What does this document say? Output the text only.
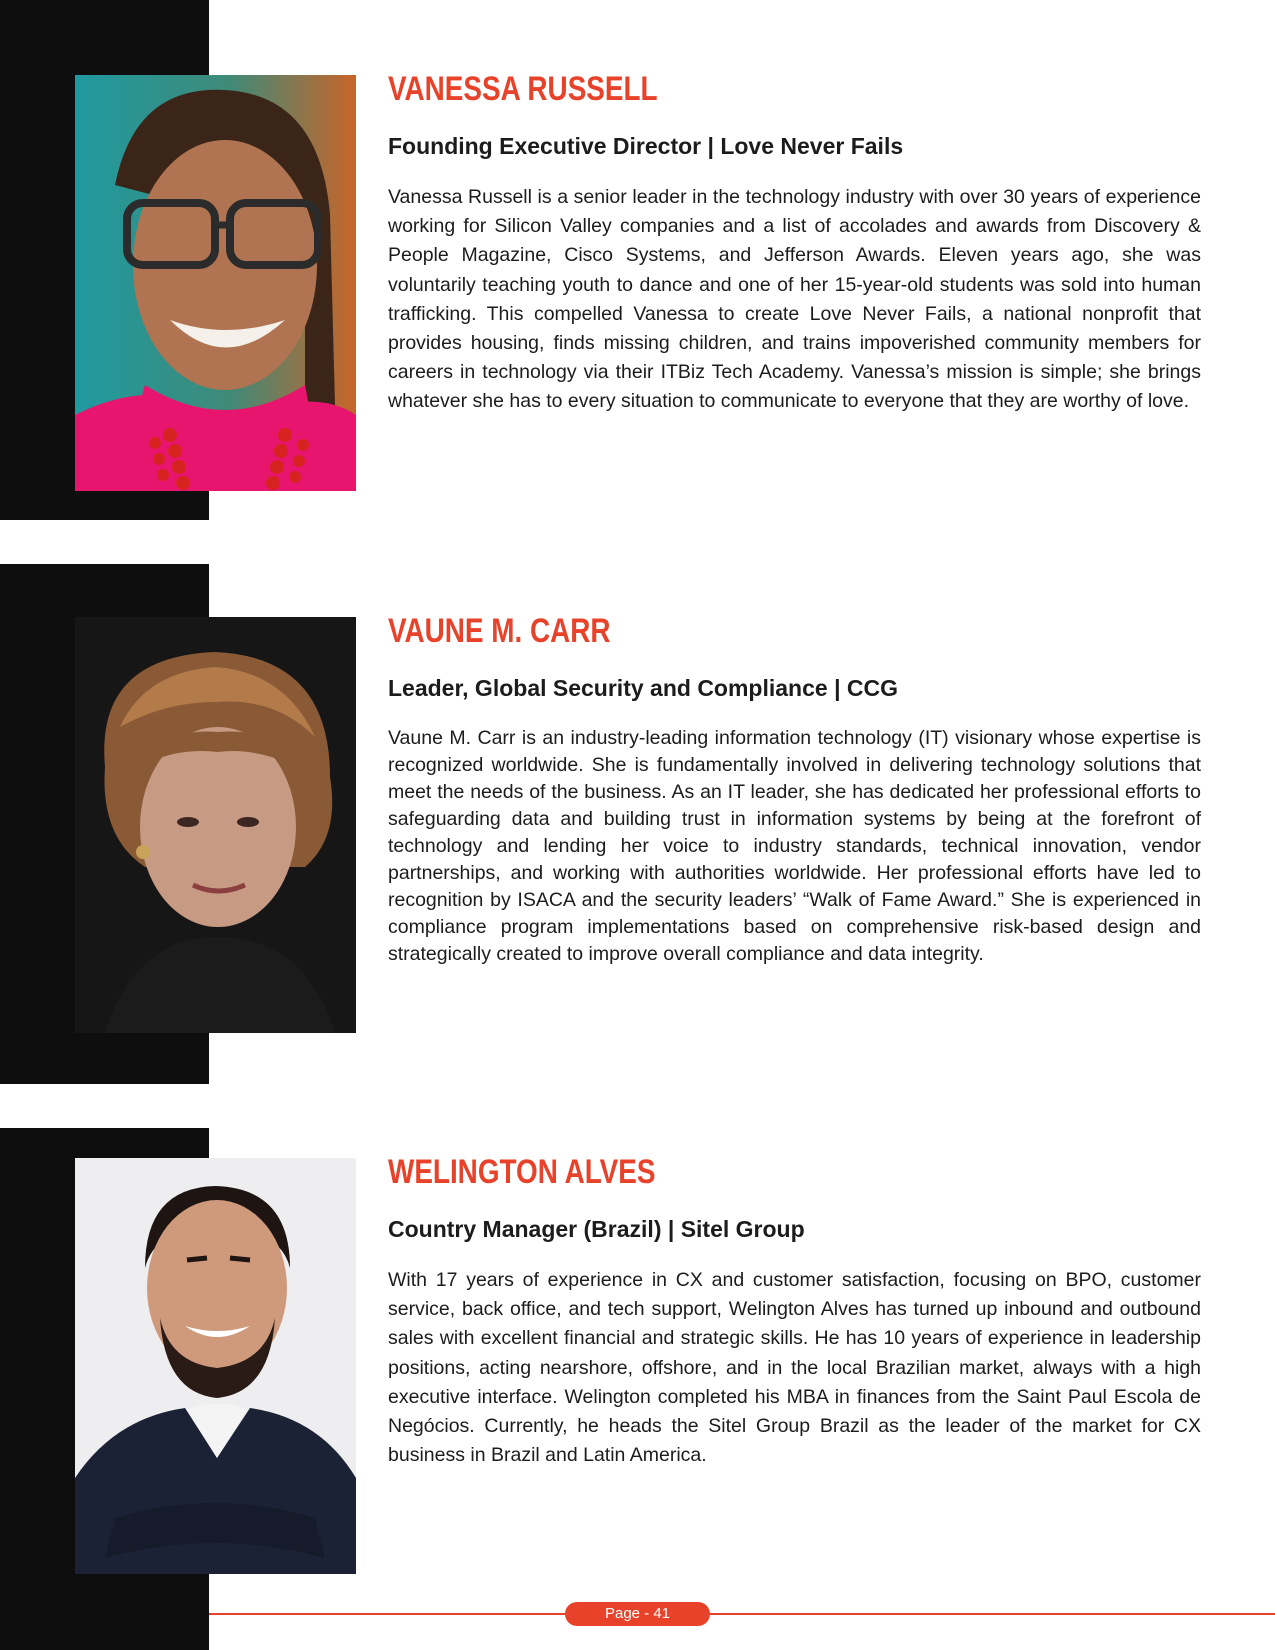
VANESSA RUSSELL
Founding Executive Director | Love Never Fails

Vanessa Russell is a senior leader in the technology industry with over 30 years of experience working for Silicon Valley companies and a list of accolades and awards from Discovery & People Magazine, Cisco Systems, and Jefferson Awards. Eleven years ago, she was voluntarily teaching youth to dance and one of her 15-year-old students was sold into human trafficking. This compelled Vanessa to create Love Never Fails, a national nonprofit that provides housing, finds missing children, and trains impoverished community members for careers in technology via their ITBiz Tech Academy. Vanessa’s mission is simple; she brings whatever she has to every situation to communicate to everyone that they are worthy of love.

VAUNE M. CARR
Leader, Global Security and Compliance | CCG

Vaune M. Carr is an industry-leading information technology (IT) visionary whose expertise is recognized worldwide. She is fundamentally involved in delivering technology solutions that meet the needs of the business. As an IT leader, she has dedicated her professional efforts to safeguarding data and building trust in information systems by being at the forefront of technology and lending her voice to industry standards, technical innovation, vendor partnerships, and working with authorities worldwide. Her professional efforts have led to recognition by ISACA and the security leaders’ “Walk of Fame Award.” She is experienced in compliance program implementations based on comprehensive risk-based design and strategically created to improve overall compliance and data integrity.

WELINGTON ALVES
Country Manager (Brazil) | Sitel Group

With 17 years of experience in CX and customer satisfaction, focusing on BPO, customer service, back office, and tech support, Welington Alves has turned up inbound and outbound sales with excellent financial and strategic skills. He has 10 years of experience in leadership positions, acting nearshore, offshore, and in the local Brazilian market, always with a high executive interface. Welington completed his MBA in finances from the Saint Paul Escola de Negócios. Currently, he heads the Sitel Group Brazil as the leader of the market for CX business in Brazil and Latin America.

Page - 41
